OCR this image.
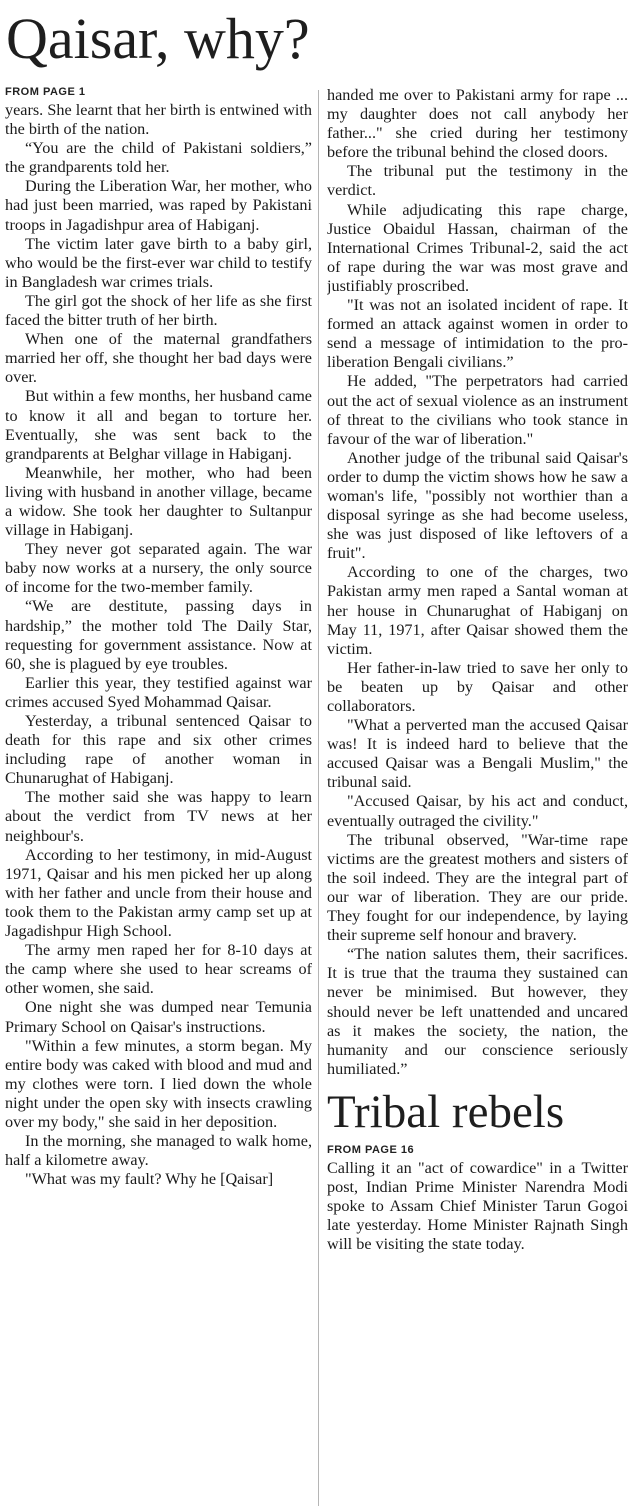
Qaisar, why?
FROM PAGE 1

years. She learnt that her birth is entwined with the birth of the nation.

“You are the child of Pakistani soldiers,” the grandparents told her.

During the Liberation War, her mother, who had just been married, was raped by Pakistani troops in Jagadishpur area of Habiganj.

The victim later gave birth to a baby girl, who would be the first-ever war child to testify in Bangladesh war crimes trials.

The girl got the shock of her life as she first faced the bitter truth of her birth.

When one of the maternal grandfathers married her off, she thought her bad days were over.

But within a few months, her husband came to know it all and began to torture her. Eventually, she was sent back to the grandparents at Belghar village in Habiganj.

Meanwhile, her mother, who had been living with husband in another village, became a widow. She took her daughter to Sultanpur village in Habiganj.

They never got separated again. The war baby now works at a nursery, the only source of income for the two-member family.

“We are destitute, passing days in hardship,” the mother told The Daily Star, requesting for government assistance. Now at 60, she is plagued by eye troubles.

Earlier this year, they testified against war crimes accused Syed Mohammad Qaisar.

Yesterday, a tribunal sentenced Qaisar to death for this rape and six other crimes including rape of another woman in Chunarughat of Habiganj.

The mother said she was happy to learn about the verdict from TV news at her neighbour's.

According to her testimony, in mid-August 1971, Qaisar and his men picked her up along with her father and uncle from their house and took them to the Pakistan army camp set up at Jagadishpur High School.

The army men raped her for 8-10 days at the camp where she used to hear screams of other women, she said.

One night she was dumped near Temunia Primary School on Qaisar's instructions.

"Within a few minutes, a storm began. My entire body was caked with blood and mud and my clothes were torn. I lied down the whole night under the open sky with insects crawling over my body," she said in her deposition.

In the morning, she managed to walk home, half a kilometre away.

"What was my fault? Why he [Qaisar]

handed me over to Pakistani army for rape ... my daughter does not call anybody her father..." she cried during her testimony before the tribunal behind the closed doors.

The tribunal put the testimony in the verdict.

While adjudicating this rape charge, Justice Obaidul Hassan, chairman of the International Crimes Tribunal-2, said the act of rape during the war was most grave and justifiably proscribed.

"It was not an isolated incident of rape. It formed an attack against women in order to send a message of intimidation to the pro-liberation Bengali civilians.”

He added, "The perpetrators had carried out the act of sexual violence as an instrument of threat to the civilians who took stance in favour of the war of liberation."

Another judge of the tribunal said Qaisar's order to dump the victim shows how he saw a woman's life, "possibly not worthier than a disposal syringe as she had become useless, she was just disposed of like leftovers of a fruit".

According to one of the charges, two Pakistan army men raped a Santal woman at her house in Chunarughat of Habiganj on May 11, 1971, after Qaisar showed them the victim.

Her father-in-law tried to save her only to be beaten up by Qaisar and other collaborators.

"What a perverted man the accused Qaisar was! It is indeed hard to believe that the accused Qaisar was a Bengali Muslim," the tribunal said.

"Accused Qaisar, by his act and conduct, eventually outraged the civility."

The tribunal observed, "War-time rape victims are the greatest mothers and sisters of the soil indeed. They are the integral part of our war of liberation. They are our pride. They fought for our independence, by laying their supreme self honour and bravery.

“The nation salutes them, their sacrifices. It is true that the trauma they sustained can never be minimised. But however, they should never be left unattended and uncared as it makes the society, the nation, the humanity and our conscience seriously humiliated.”

Tribal rebels
FROM PAGE 16

Calling it an "act of cowardice" in a Twitter post, Indian Prime Minister Narendra Modi spoke to Assam Chief Minister Tarun Gogoi late yesterday. Home Minister Rajnath Singh will be visiting the state today.
